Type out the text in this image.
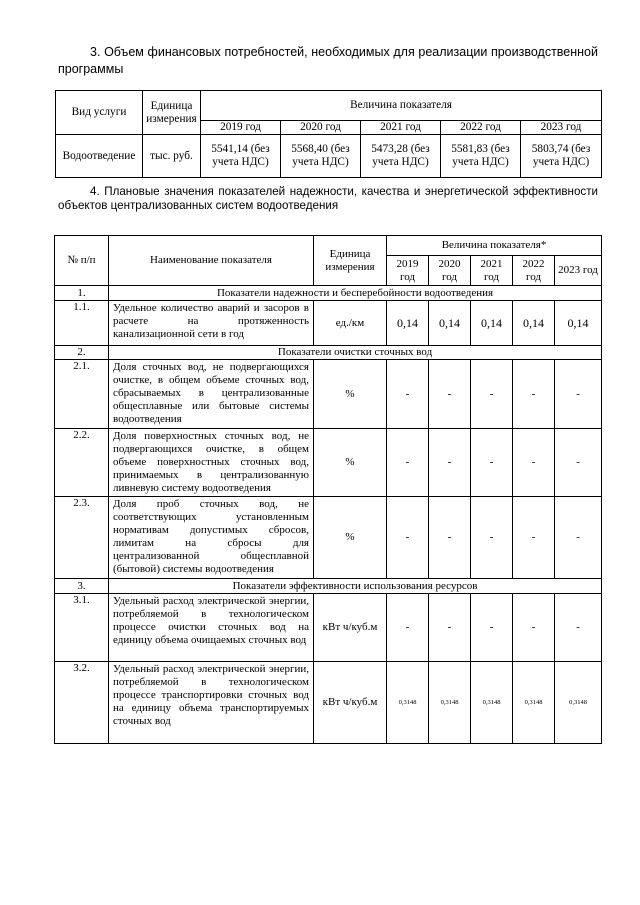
3. Объем финансовых потребностей, необходимых для реализации производственной программы
Вид услуги	Единица измерения	Величина показателя				
		2019 год	2020 год	2021 год	2022 год	2023 год
Водоотведение	тыс. руб.	5541,14 (без учета НДС)	5568,40 (без учета НДС)	5473,28 (без учета НДС)	5581,83 (без учета НДС)	5803,74 (без учета НДС)
4. Плановые значения показателей надежности, качества и энергетической эффективности объектов централизованных систем водоотведения
№ п/п	Наименование показателя	Единица измерения	Величина показателя*				
			2019 год	2020 год	2021 год	2022 год	2023 год
1.	Показатели надежности и бесперебойности водоотведения						
1.1.	Удельное количество аварий и засоров в расчете на протяженность канализационной сети в год	ед./км	0,14	0,14	0,14	0,14	0,14
2.	Показатели очистки сточных вод						
2.1.	Доля сточных вод, не подвергающихся очистке, в общем объеме сточных вод, сбрасываемых в централизованные общесплавные или бытовые системы водоотведения	%	-	-	-	-	-
2.2.	Доля поверхностных сточных вод, не подвергающихся очистке, в общем объеме поверхностных сточных вод, принимаемых в централизованную ливневую систему водоотведения	%	-	-	-	-	-
2.3.	Доля проб сточных вод, не соответствующих установленным нормативам допустимых сбросов, лимитам на сбросы для централизованной общесплавной (бытовой) системы водоотведения	%	-	-	-	-	-
3.	Показатели эффективности использования ресурсов						
3.1.	Удельный расход электрической энергии, потребляемой в технологическом процессе очистки сточных вод на единицу объема очищаемых сточных вод	кВт ч/куб.м	-	-	-	-	-
3.2.	Удельный расход электрической энергии, потребляемой в технологическом процессе транспортировки сточных вод на единицу объема транспортируемых сточных вод	кВт ч/куб.м	0,3148	0,3148	0,3148	0,3148	0,3148
